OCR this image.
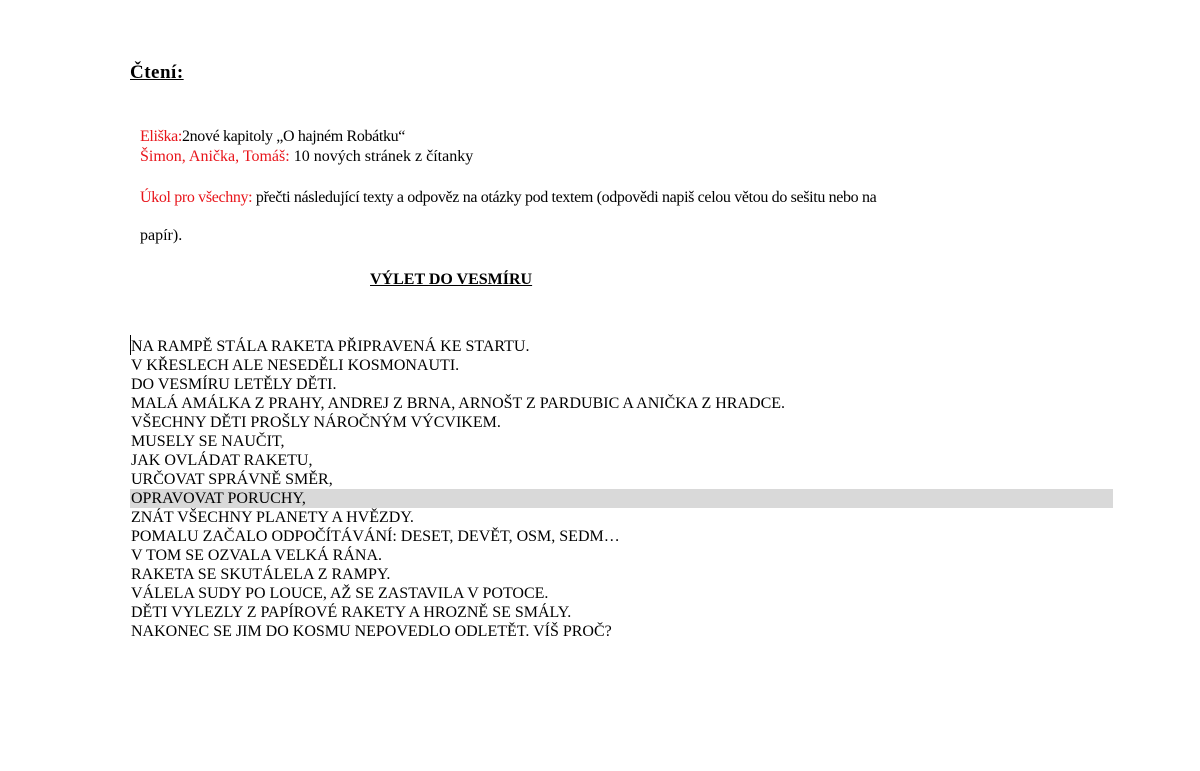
Čtení:
Eliška:2nové kapitoly „O hajném Robátku“
Šimon, Anička, Tomáš: 10 nových stránek z čítanky
Úkol pro všechny: přečti následující texty a odpověz na otázky pod textem (odpovědi napiš celou větou do sešitu nebo na
papír).
VÝLET DO VESMÍRU
NA RAMPĚ STÁLA RAKETA PŘIPRAVENÁ KE STARTU.
V KŘESLECH ALE NESEDĚLI KOSMONAUTI.
DO VESMÍRU LETĚLY DĚTI.
MALÁ AMÁLKA Z PRAHY, ANDREJ Z BRNA, ARNOŠT Z PARDUBIC A ANIČKA Z HRADCE.
VŠECHNY DĚTI PROŠLY NÁROČNÝM VÝCVIKEM.
MUSELY SE NAUČIT,
JAK OVLÁDAT RAKETU,
URČOVAT SPRÁVNĚ SMĚR,
OPRAVOVAT PORUCHY,
ZNÁT VŠECHNY PLANETY A HVĚZDY.
POMALU ZAČALO ODPOČÍTÁVÁNÍ: DESET, DEVĚT, OSM, SEDM…
V TOM SE OZVALA VELKÁ RÁNA.
RAKETA SE SKUTÁLELA Z RAMPY.
VÁLELA SUDY PO LOUCE, AŽ SE ZASTAVILA V POTOCE.
DĚTI VYLEZLY Z PAPÍROVÉ RAKETY A HROZNĚ SE SMÁLY.
NAKONEC SE JIM DO KOSMU NEPOVEDLO ODLETĚT. VÍŠ PROČ?
